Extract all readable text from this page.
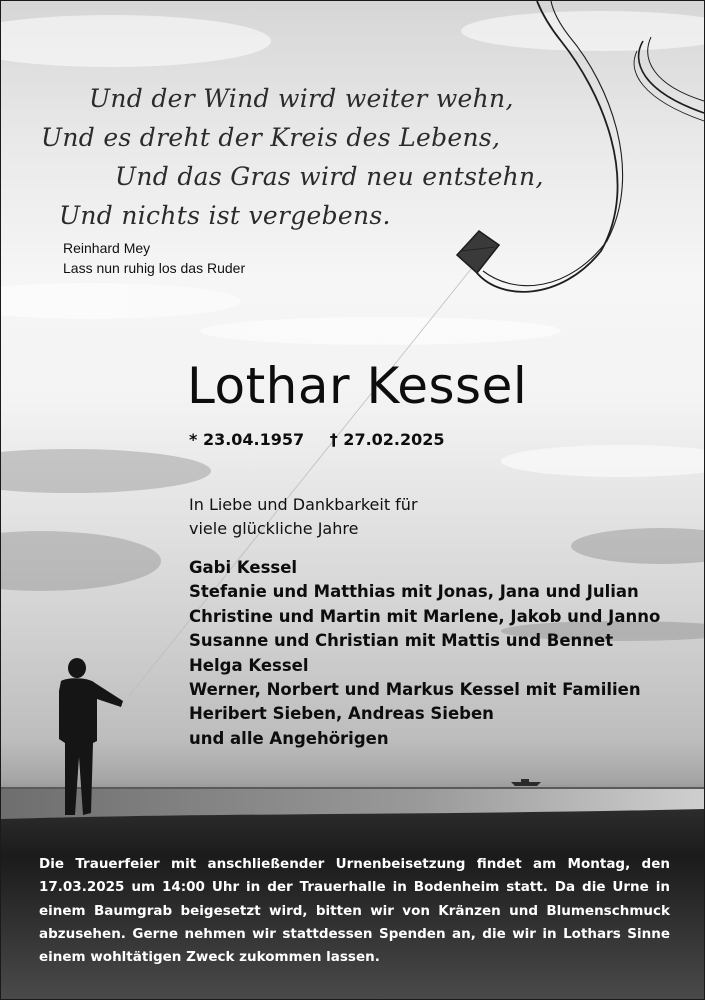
Und der Wind wird weiter wehn,
Und es dreht der Kreis des Lebens,
Und das Gras wird neu entstehn,
Und nichts ist vergebens.
Reinhard Mey
Lass nun ruhig los das Ruder
Lothar Kessel
* 23.04.1957 † 27.02.2025
In Liebe und Dankbarkeit für
viele glückliche Jahre
Gabi Kessel
Stefanie und Matthias mit Jonas, Jana und Julian
Christine und Martin mit Marlene, Jakob und Janno
Susanne und Christian mit Mattis und Bennet
Helga Kessel
Werner, Norbert und Markus Kessel mit Familien
Heribert Sieben, Andreas Sieben
und alle Angehörigen
Die Trauerfeier mit anschließender Urnenbeisetzung findet am Montag, den 17.03.2025 um 14:00 Uhr in der Trauerhalle in Bodenheim statt. Da die Urne in einem Baumgrab beigesetzt wird, bitten wir von Kränzen und Blumenschmuck abzusehen. Gerne nehmen wir stattdessen Spenden an, die wir in Lothars Sinne einem wohltätigen Zweck zukommen lassen.
